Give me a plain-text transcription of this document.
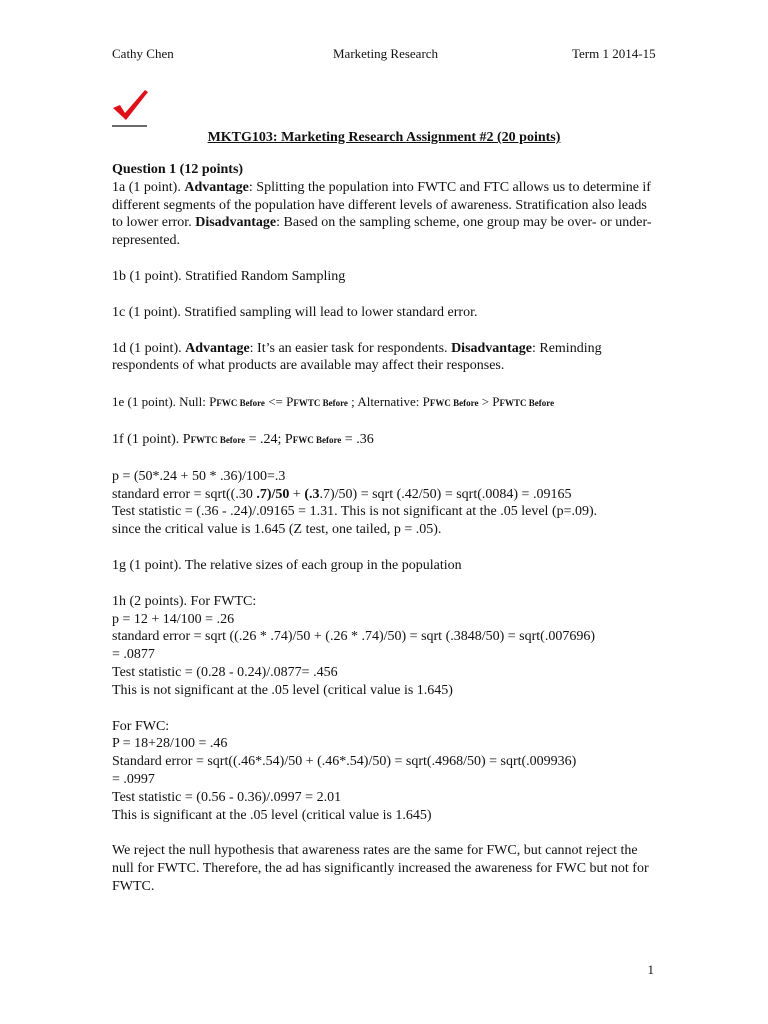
Cathy Chen	Marketing Research	Term 1 2014-15
MKTG103: Marketing Research Assignment #2 (20 points)

Question 1 (12 points)

1a (1 point). Advantage: Splitting the population into FWTC and FTC allows us to determine if different segments of the population have different levels of awareness. Stratification also leads to lower error. Disadvantage: Based on the sampling scheme, one group may be over- or under-represented.

1b (1 point). Stratified Random Sampling

1c (1 point). Stratified sampling will lead to lower standard error.

1d (1 point). Advantage: It’s an easier task for respondents. Disadvantage: Reminding respondents of what products are available may affect their responses.

1e (1 point). Null: PFWC Before <= PFWTC Before ; Alternative: PFWC Before > PFWTC Before

1f (1 point). PFWTC Before = .24; PFWC Before = .36

p = (50*.24 + 50 * .36)/100=.3

standard error = sqrt((.30 .7)/50 + (.3.7)/50) = sqrt (.42/50) = sqrt(.0084) = .09165

Test statistic = (.36 - .24)/.09165 = 1.31. This is not significant at the .05 level (p=.09).

since the critical value is 1.645 (Z test, one tailed, p = .05).

1g (1 point). The relative sizes of each group in the population

1h (2 points). For FWTC:

p = 12 + 14/100 = .26

standard error = sqrt ((.26 * .74)/50 + (.26 * .74)/50) = sqrt (.3848/50) = sqrt(.007696)

= .0877

Test statistic = (0.28 - 0.24)/.0877= .456

This is not significant at the .05 level (critical value is 1.645)

For FWC:

P = 18+28/100 = .46

Standard error = sqrt((.46*.54)/50 + (.46*.54)/50) = sqrt(.4968/50) = sqrt(.009936)

= .0997

Test statistic = (0.56 - 0.36)/.0997 = 2.01

This is significant at the .05 level (critical value is 1.645)

We reject the null hypothesis that awareness rates are the same for FWC, but cannot reject the null for FWTC. Therefore, the ad has significantly increased the awareness for FWC but not for FWTC.

1
